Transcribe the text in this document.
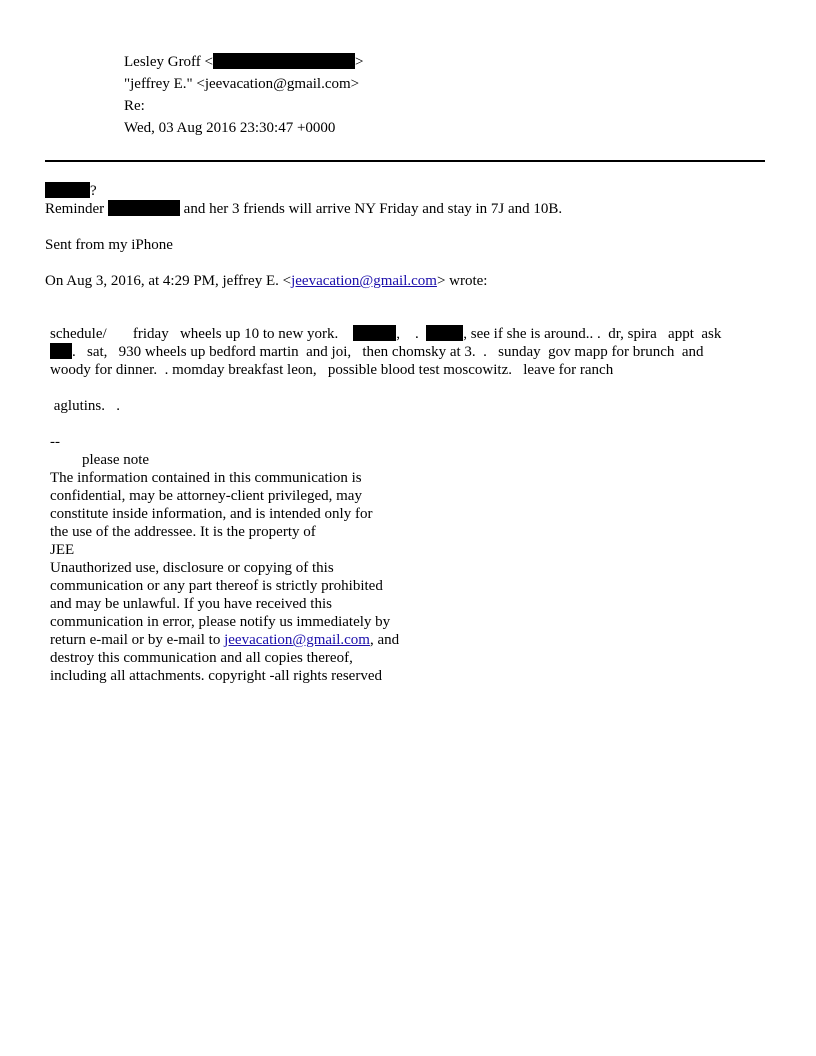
Lesley Groff <	>
"jeffrey E." <jeevacation@gmail.com>
Re:
Wed, 03 Aug 2016 23:30:47 +0000
?
Reminder	and her 3 friends will arrive NY Friday and stay in 7J and 10B.
Sent from my iPhone
On Aug 3, 2016, at 4:29 PM, jeffrey E. <jeevacation@gmail.com> wrote:
schedule/       friday   wheels up 10 to new york.	,    .  , see if she is around.. .  dr, spira   appt  ask
.   sat,   930 wheels up bedford martin  and joi,   then chomsky at 3.  .   sunday  gov mapp for brunch  and
woody for dinner.  . momday breakfast leon,   possible blood test moscowitz.   leave for ranch
aglutins.   .
--
please note
The information contained in this communication is
confidential, may be attorney-client privileged, may
constitute inside information, and is intended only for
the use of the addressee. It is the property of
JEE
Unauthorized use, disclosure or copying of this
communication or any part thereof is strictly prohibited
and may be unlawful. If you have received this
communication in error, please notify us immediately by
return e-mail or by e-mail to jeevacation@gmail.com, and
destroy this communication and all copies thereof,
including all attachments. copyright -all rights reserved
